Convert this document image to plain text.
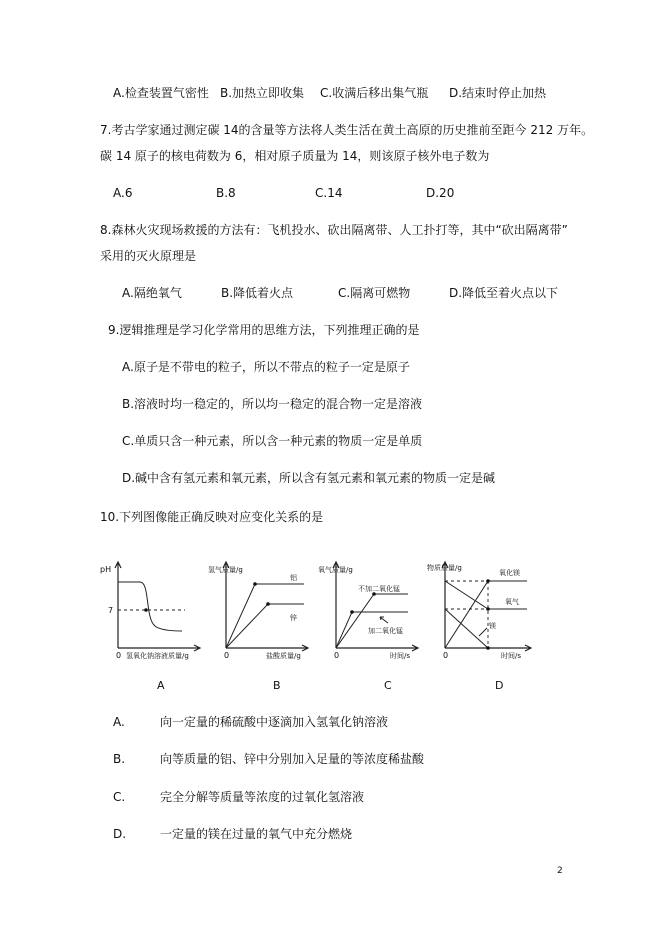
A.检查装置气密性 B.加热立即收集 C.收满后移出集气瓶 D.结束时停止加热
7.考古学家通过测定碳 14的含量等方法将人类生活在黄土高原的历史推前至距今 212 万年。
碳 14 原子的核电荷数为 6，相对原子质量为 14，则该原子核外电子数为
A.6	B.8	C.14	D.20
8.森林火灾现场救援的方法有：飞机投水、砍出隔离带、人工扑打等，其中“砍出隔离带”
采用的灭火原理是
A.隔绝氧气	B.降低着火点	C.隔离可燃物	D.降低至着火点以下
9.逻辑推理是学习化学常用的思维方法，下列推理正确的是
A.原子是不带电的粒子，所以不带点的粒子一定是原子
B.溶液时均一稳定的，所以均一稳定的混合物一定是溶液
C.单质只含一种元素，所以含一种元素的物质一定是单质
D.碱中含有氢元素和氧元素，所以含有氢元素和氧元素的物质一定是碱
10.下列图像能正确反映对应变化关系的是
pH
7
0 氢氧化钠溶液质量/g
氢气质量/g
铝
锌
0	盐酸质量/g
氧气质量/g
不加二氧化锰
加二氧化锰
0	时间/s
物质质量/g
氧化镁
氧气
镁
0	时间/s
A	B	C	D
A.	向一定量的稀硫酸中逐滴加入氢氧化钠溶液
B.	向等质量的铝、锌中分别加入足量的等浓度稀盐酸
C.	完全分解等质量等浓度的过氧化氢溶液
D.	一定量的镁在过量的氧气中充分燃烧
2
